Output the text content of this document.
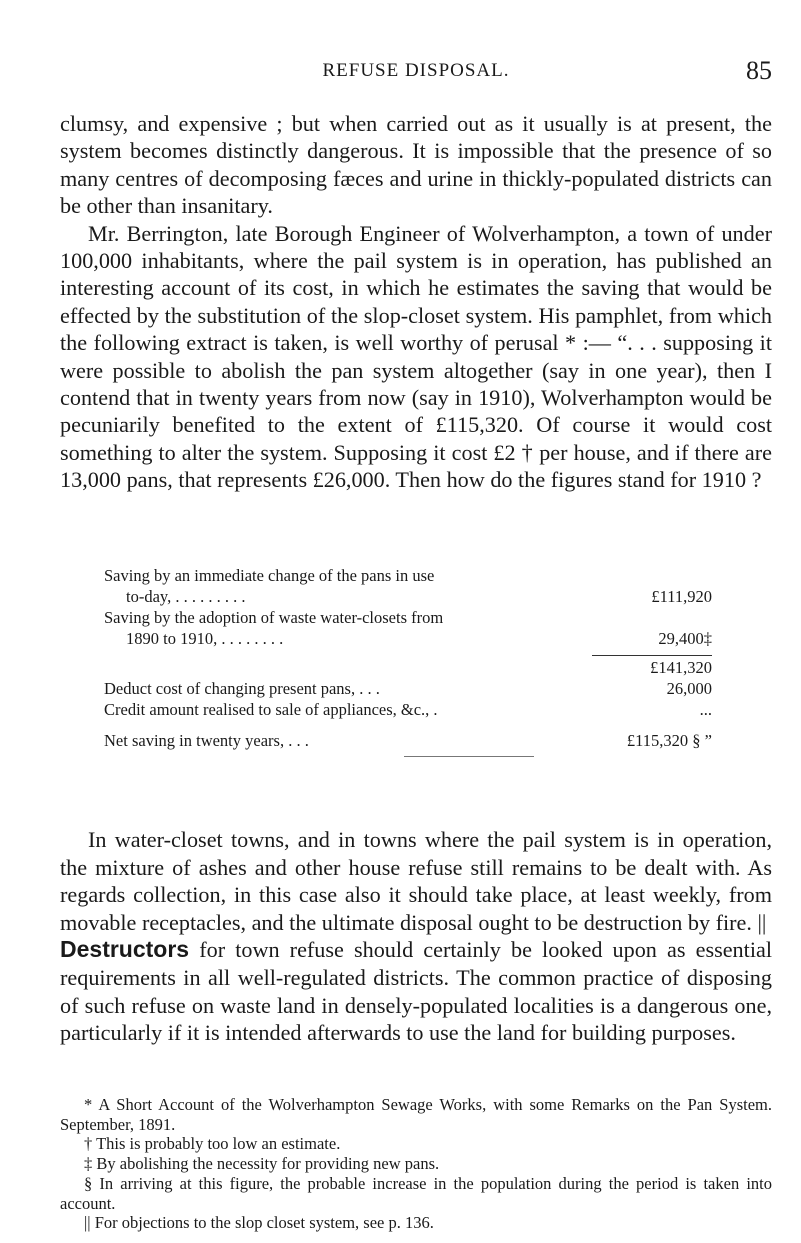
REFUSE DISPOSAL.	85

clumsy, and expensive ; but when carried out as it usually is at present, the system becomes distinctly dangerous. It is impossible that the presence of so many centres of decomposing fæces and urine in thickly-populated districts can be other than insanitary.

Mr. Berrington, late Borough Engineer of Wolverhampton, a town of under 100,000 inhabitants, where the pail system is in operation, has published an interesting account of its cost, in which he estimates the saving that would be effected by the substitution of the slop-closet system. His pamphlet, from which the following extract is taken, is well worthy of perusal * :— “. . . supposing it were possible to abolish the pan system altogether (say in one year), then I contend that in twenty years from now (say in 1910), Wolverhampton would be pecuniarily benefited to the extent of £115,320. Of course it would cost something to alter the system. Supposing it cost £2 † per house, and if there are 13,000 pans, that represents £26,000. Then how do the figures stand for 1910 ?

Saving by an immediate change of the pans in use
to-day, . . . . . . . . .	£111,920
Saving by the adoption of waste water-closets from
1890 to 1910, . . . . . . . .	29,400‡
£141,320
Deduct cost of changing present pans, . . .	26,000
Credit amount realised to sale of appliances, &c., .	...
Net saving in twenty years, . . .	£115,320 § ”

In water-closet towns, and in towns where the pail system is in operation, the mixture of ashes and other house refuse still remains to be dealt with. As regards collection, in this case also it should take place, at least weekly, from movable receptacles, and the ultimate disposal ought to be destruction by fire. ||

Destructors for town refuse should certainly be looked upon as essential requirements in all well-regulated districts. The common practice of disposing of such refuse on waste land in densely-populated localities is a dangerous one, particularly if it is intended afterwards to use the land for building purposes.

* A Short Account of the Wolverhampton Sewage Works, with some Remarks on the Pan System. September, 1891.

† This is probably too low an estimate.

‡ By abolishing the necessity for providing new pans.

§ In arriving at this figure, the probable increase in the population during the period is taken into account.

|| For objections to the slop closet system, see p. 136.
